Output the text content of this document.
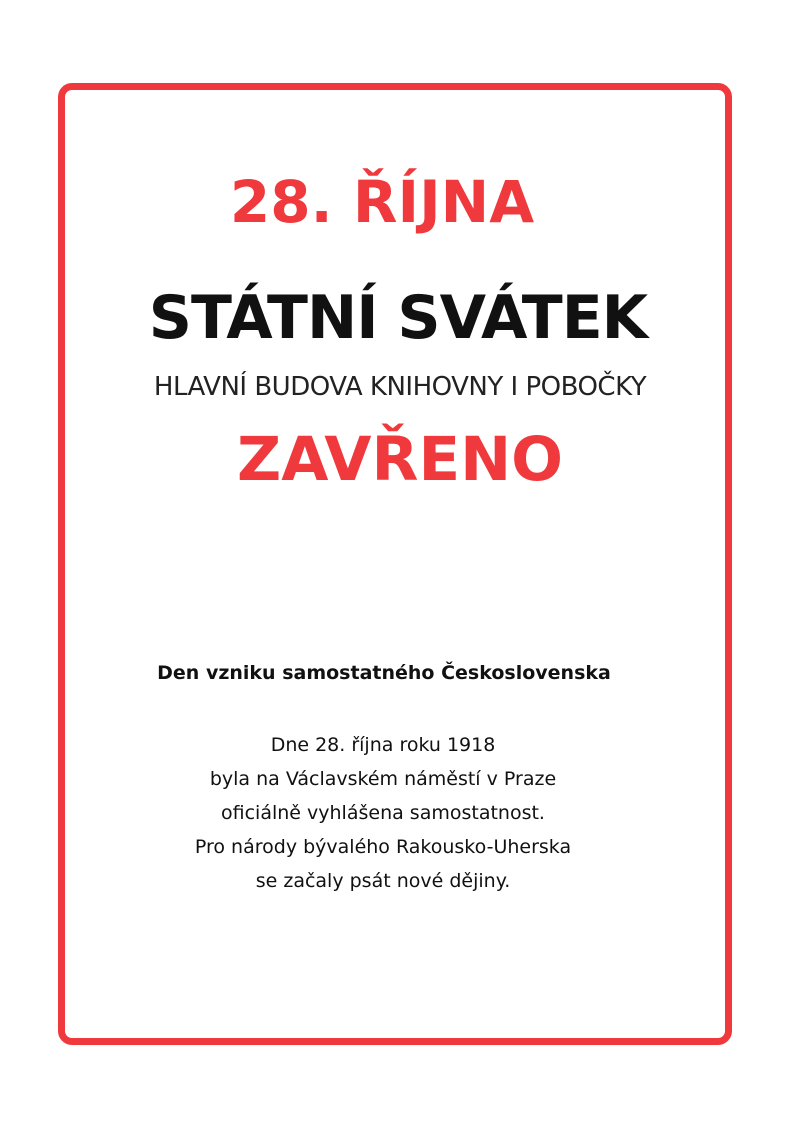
28. ŘÍJNA
STÁTNÍ SVÁTEK
HLAVNÍ BUDOVA KNIHOVNY I POBOČKY
ZAVŘENO
Den vzniku samostatného Československa
Dne 28. října roku 1918
byla na Václavském náměstí v Praze
oficiálně vyhlášena samostatnost.
Pro národy bývalého Rakousko-Uherska
se začaly psát nové dějiny.
